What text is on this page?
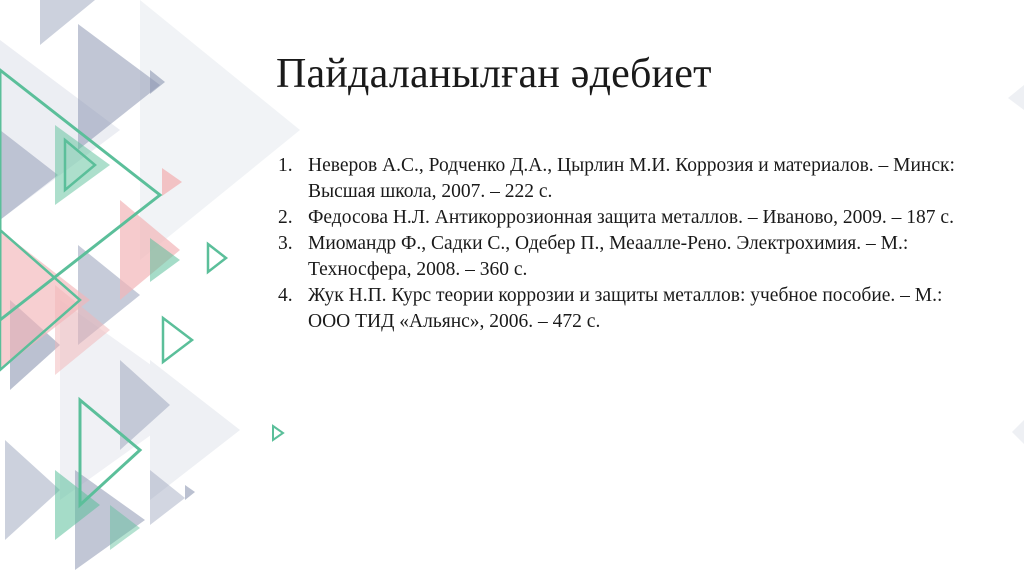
Пайдаланылған әдебиет
1. Неверов А.С., Родченко Д.А., Цырлин М.И. Коррозия и материалов. – Минск: Высшая школа, 2007. – 222 с.
2. Федосова Н.Л. Антикоррозионная защита металлов. – Иваново, 2009. – 187 с.
3. Миомандр Ф., Садки С., Одебер П., Меаалле-Рено. Электрохимия. – М.: Техносфера, 2008. – 360 с.
4. Жук Н.П. Курс теории коррозии и защиты металлов: учебное пособие. – М.: ООО ТИД «Альянс», 2006. – 472 с.
